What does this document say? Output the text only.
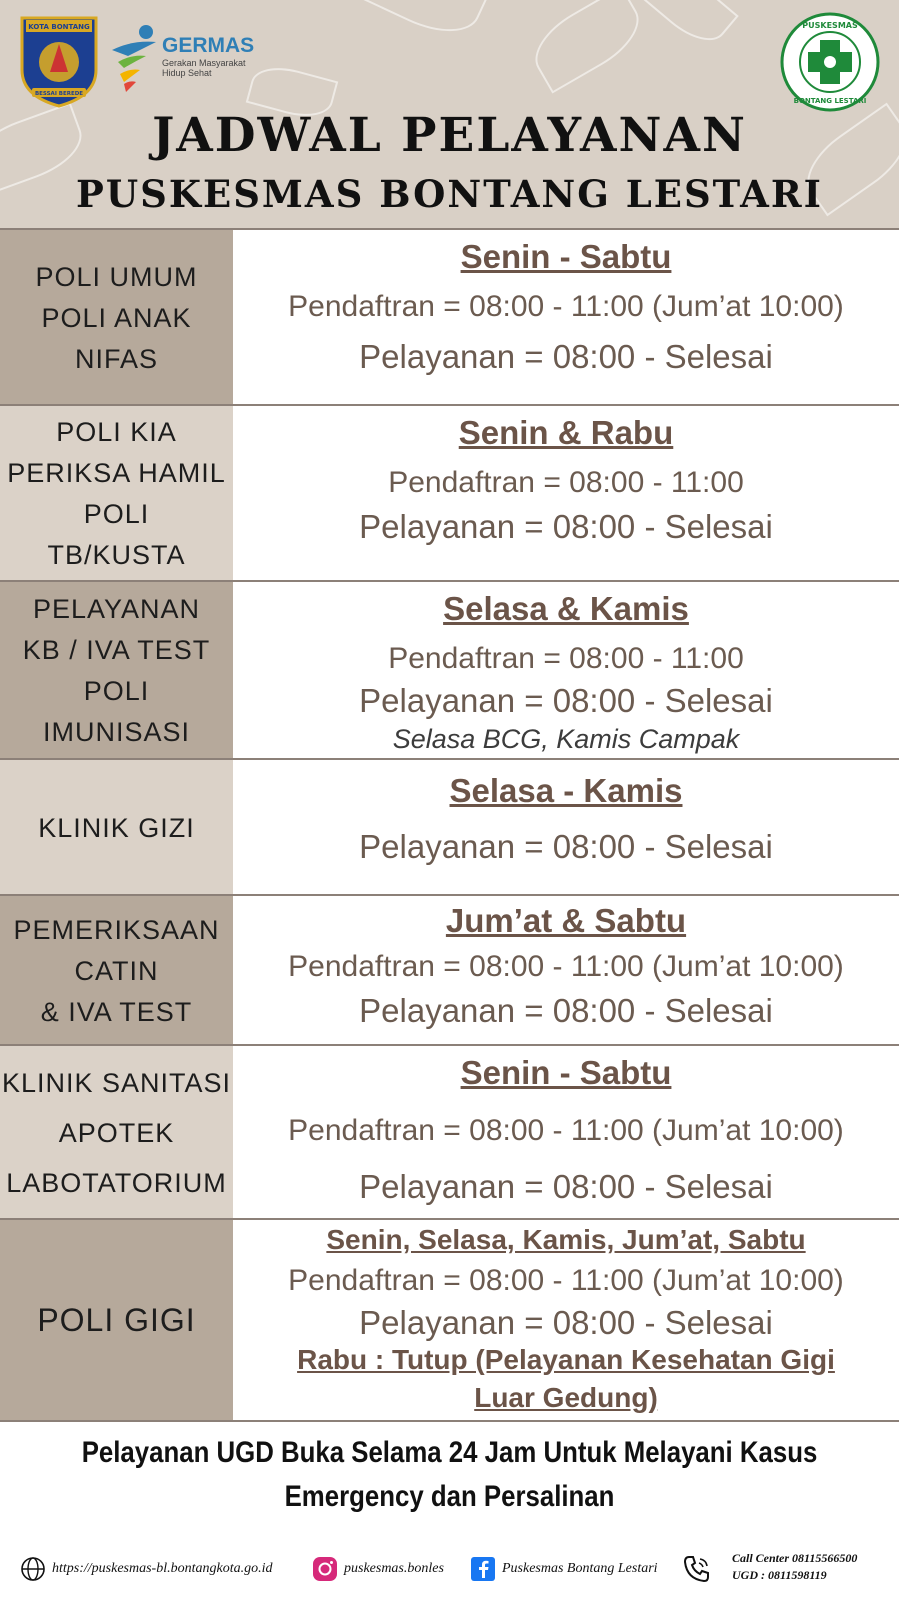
KOTA BONTANG
BESSAI BEREDE
GERMAS
Gerakan Masyarakat Hidup Sehat
PUSKESMAS
BONTANG LESTARI
JADWAL PELAYANAN
PUSKESMAS BONTANG LESTARI
POLI UMUM
POLI ANAK
NIFAS
Senin - Sabtu
Pendaftran = 08:00 - 11:00 (Jum’at 10:00)
Pelayanan = 08:00 - Selesai
POLI KIA
PERIKSA HAMIL
POLI
TB/KUSTA
Senin & Rabu
Pendaftran = 08:00 - 11:00
Pelayanan = 08:00 - Selesai
PELAYANAN
KB / IVA TEST
POLI
IMUNISASI
Selasa & Kamis
Pendaftran = 08:00 - 11:00
Pelayanan = 08:00 - Selesai
Selasa BCG, Kamis Campak
KLINIK GIZI
Selasa - Kamis
Pelayanan = 08:00 - Selesai
PEMERIKSAAN
CATIN
& IVA TEST
Jum’at & Sabtu
Pendaftran = 08:00 - 11:00 (Jum’at 10:00)
Pelayanan = 08:00 - Selesai
KLINIK SANITASI
APOTEK
LABOTATORIUM
Senin - Sabtu
Pendaftran = 08:00 - 11:00 (Jum’at 10:00)
Pelayanan = 08:00 - Selesai
POLI GIGI
Senin, Selasa, Kamis, Jum’at, Sabtu
Pendaftran = 08:00 - 11:00 (Jum’at 10:00)
Pelayanan = 08:00 - Selesai
Rabu : Tutup (Pelayanan Kesehatan Gigi
Luar Gedung)
Pelayanan UGD Buka Selama 24 Jam Untuk Melayani Kasus
Emergency dan Persalinan
https://puskesmas-bl.bontangkota.go.id	puskesmas.bonles	Puskesmas Bontang Lestari
Call Center 08115566500
UGD : 0811598119
